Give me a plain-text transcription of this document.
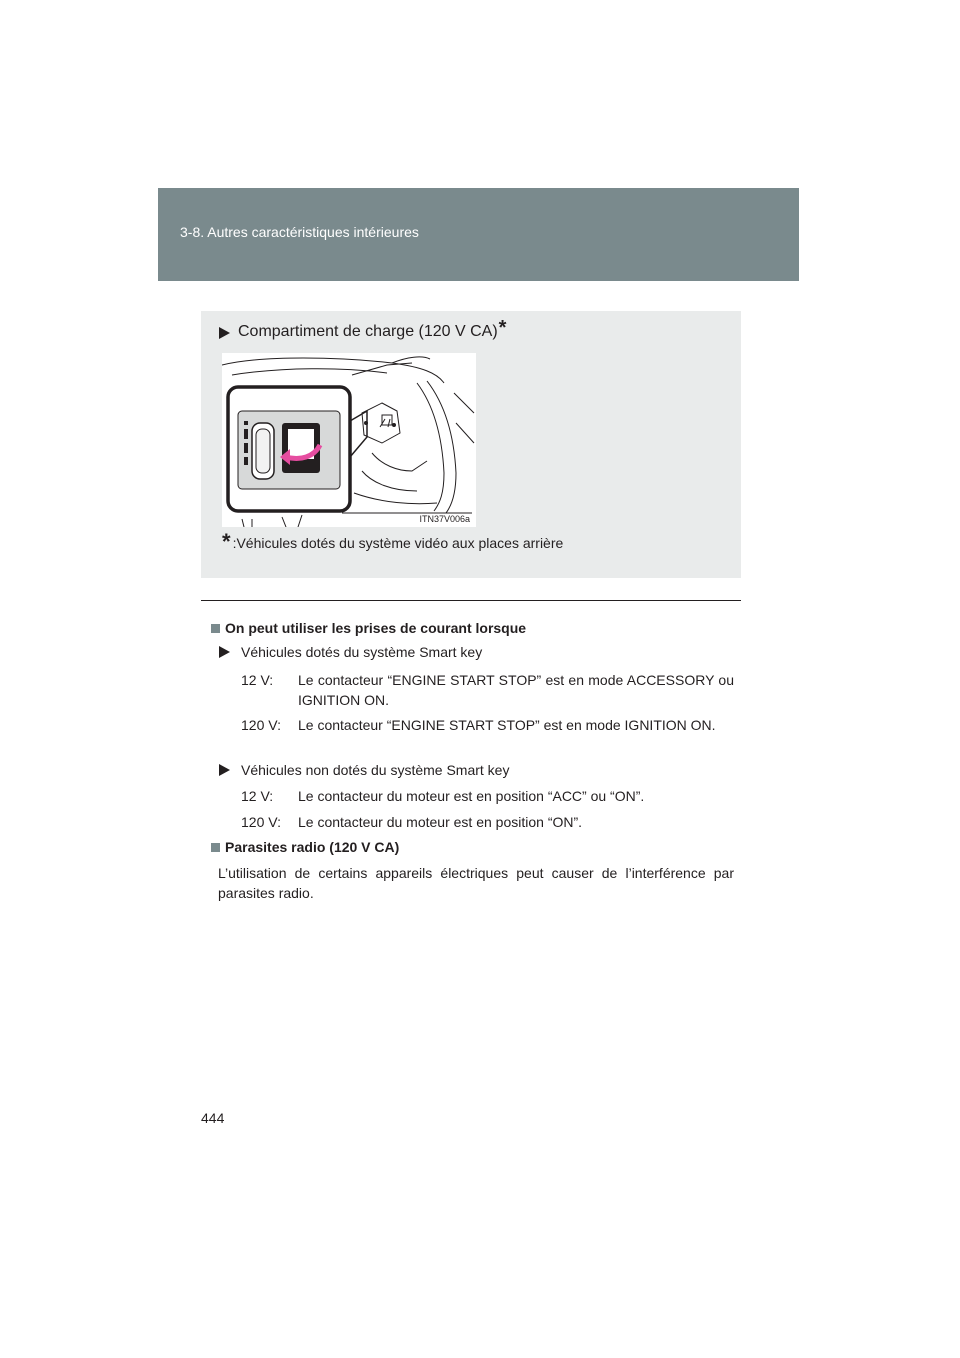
3-8. Autres caractéristiques intérieures
Compartiment de charge (120 V CA) *
ITN37V006a
* :Véhicules dotés du système vidéo aux places arrière
On peut utiliser les prises de courant lorsque
Véhicules dotés du système Smart key
12 V:	Le contacteur “ENGINE START STOP” est en mode ACCESSORY ou IGNITION ON.
120 V:	Le contacteur “ENGINE START STOP” est en mode IGNITION ON.
Véhicules non dotés du système Smart key
12 V:	Le contacteur du moteur est en position “ACC” ou “ON”.
120 V:	Le contacteur du moteur est en position “ON”.
Parasites radio (120 V CA)
L’utilisation de certains appareils électriques peut causer de l’interférence par parasites radio.
444
